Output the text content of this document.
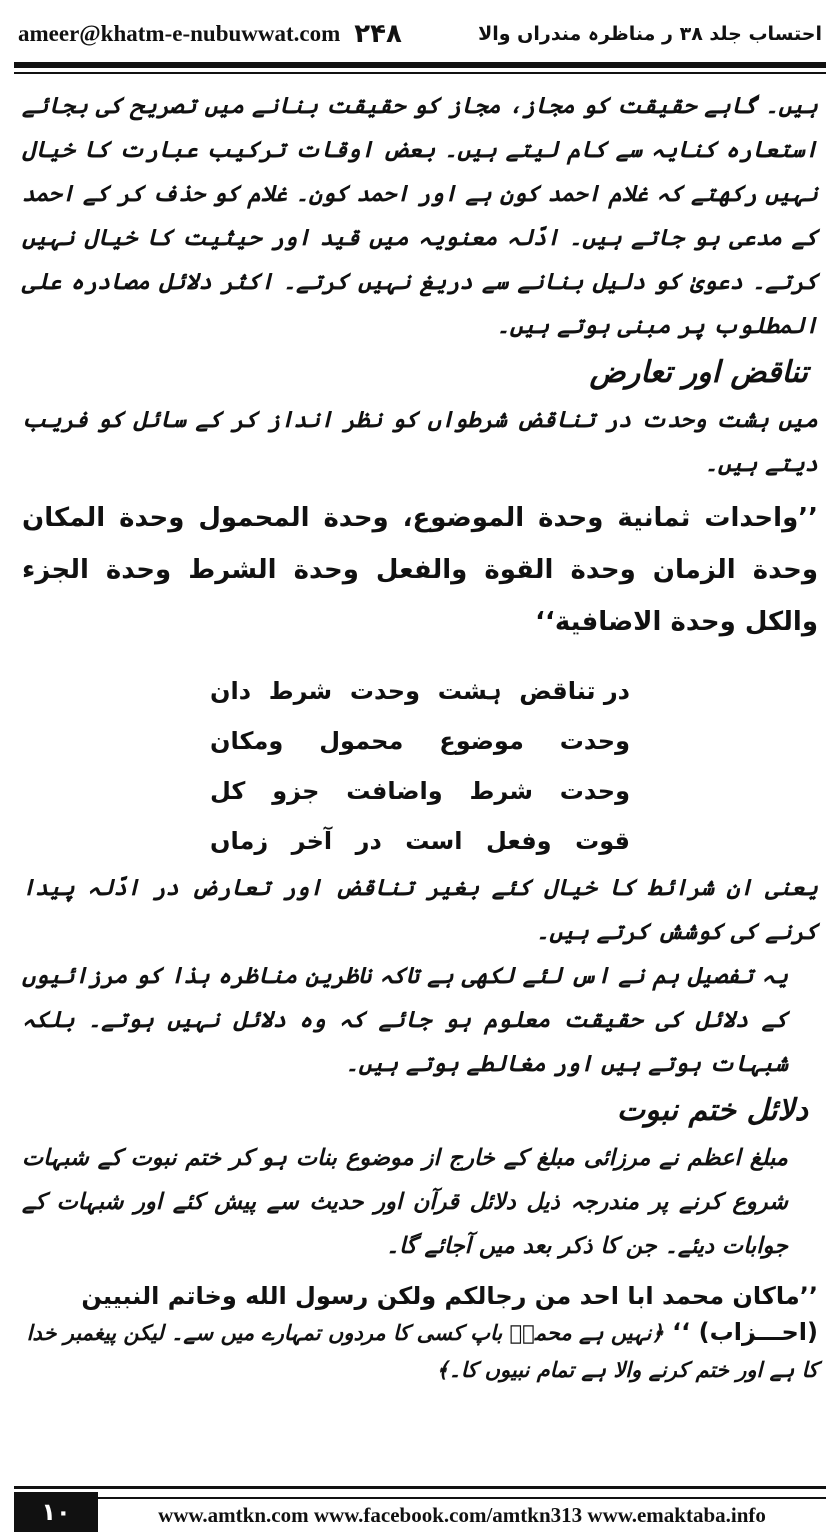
ameer@khatm-e-nubuwwat.com ۲۴۸	احتساب جلد ۳۸ ر مناظرہ مندراں والا

ہیں۔ گاہے حقیقت کو مجاز، مجاز کو حقیقت بنانے میں تصریح کی بجائے استعارہ کنایہ سے کام لیتے ہیں۔ بعض اوقات ترکیب عبارت کا خیال نہیں رکھتے کہ غلام احمد کون ہے اور احمد کون۔ غلام کو حذف کر کے احمد کے مدعی ہو جاتے ہیں۔ ادّلہ معنویہ میں قید اور حیثیت کا خیال نہیں کرتے۔ دعویٰ کو دلیل بنانے سے دریغ نہیں کرتے۔ اکثر دلائل مصادرہ علی المطلوب پر مبنی ہوتے ہیں۔

تناقض اور تعارض

میں ہشت وحدت در تناقض شرطواں کو نظر انداز کر کے سائل کو فریب دیتے ہیں۔

’’واحدات ثمانية وحدة الموضوع، وحدة المحمول وحدة المكان وحدة الزمان وحدة القوة والفعل وحدة الشرط وحدة الجزء والكل وحدة الاضافية‘‘

در تناقض
ہشت
وحدت
شرط
دان
وحدت
موضوع
محمول
ومکان
وحدت
شرط
واضافت
جزو
کل
قوت
وفعل
است
در
آخر
زماں

یعنی ان شرائط کا خیال کئے بغیر تناقض اور تعارض در ادّلہ پیدا کرنے کی کوشش کرتے ہیں۔

یہ تفصیل ہم نے اس لئے لکھی ہے تاکہ ناظرین مناظرہ ہذا کو مرزائیوں کے دلائل کی حقیقت معلوم ہو جائے کہ وہ دلائل نہیں ہوتے۔ بلکہ شبہات ہوتے ہیں اور مغالطے ہوتے ہیں۔

دلائل ختم نبوت

مبلغ اعظم نے مرزائی مبلغ کے خارج از موضوع بنات ہو کر ختم نبوت کے شبہات شروع کرنے پر مندرجہ ذیل دلائل قرآن اور حدیث سے پیش کئے اور شبہات کے جوابات دیئے۔ جن کا ذکر بعد میں آجائے گا۔

’’ماكان محمد ابا احد من رجالكم ولكن رسول الله وخاتم النبيين (احـــزاب) ‘‘ ﴿نہیں ہے محمدؐ باپ کسی کا مردوں تمہارے میں سے۔ لیکن پیغمبر خدا کا ہے اور ختم کرنے والا ہے تمام نبیوں کا۔﴾
۱۰	www.amtkn.com www.facebook.com/amtkn313 www.emaktaba.info
